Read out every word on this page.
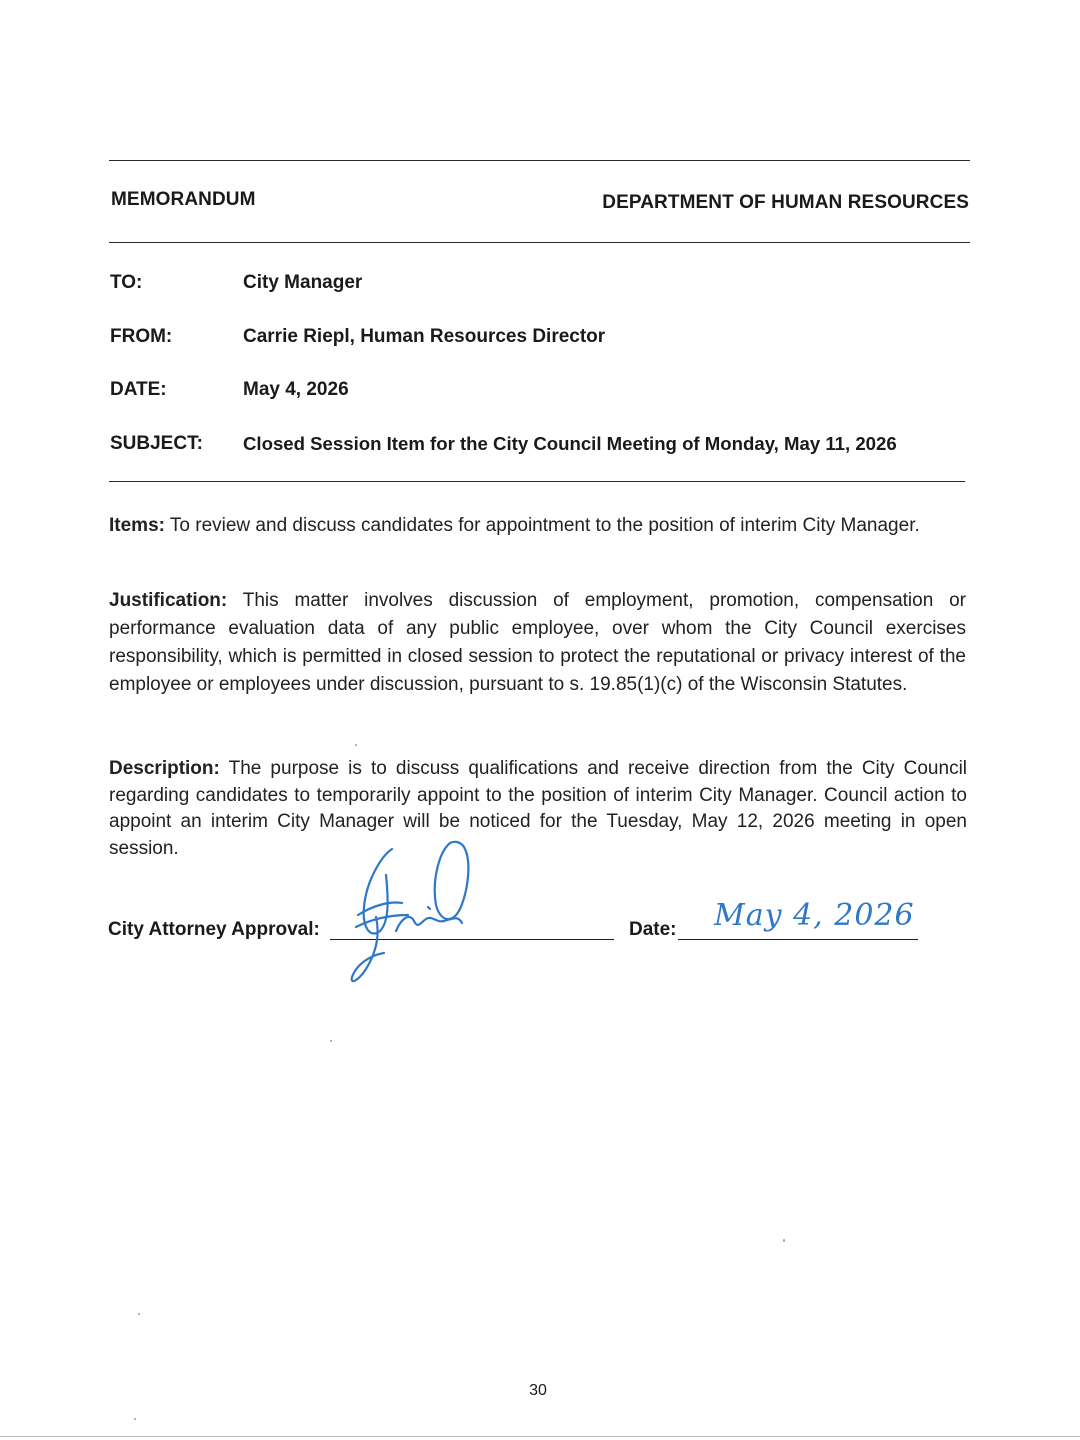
MEMORANDUM	DEPARTMENT OF HUMAN RESOURCES
TO:	City Manager
FROM:	Carrie Riepl, Human Resources Director
DATE:	May 4, 2026
SUBJECT: Closed Session Item for the City Council Meeting of Monday, May 11, 2026
Items: To review and discuss candidates for appointment to the position of interim City Manager.
Justification: This matter involves discussion of employment, promotion, compensation or performance evaluation data of any public employee, over whom the City Council exercises responsibility, which is permitted in closed session to protect the reputational or privacy interest of the employee or employees under discussion, pursuant to s. 19.85(1)(c) of the Wisconsin Statutes.
Description: The purpose is to discuss qualifications and receive direction from the City Council regarding candidates to temporarily appoint to the position of interim City Manager. Council action to appoint an interim City Manager will be noticed for the Tuesday, May 12, 2026 meeting in open session.
City Attorney Approval:	Date: May 4, 2026
30
